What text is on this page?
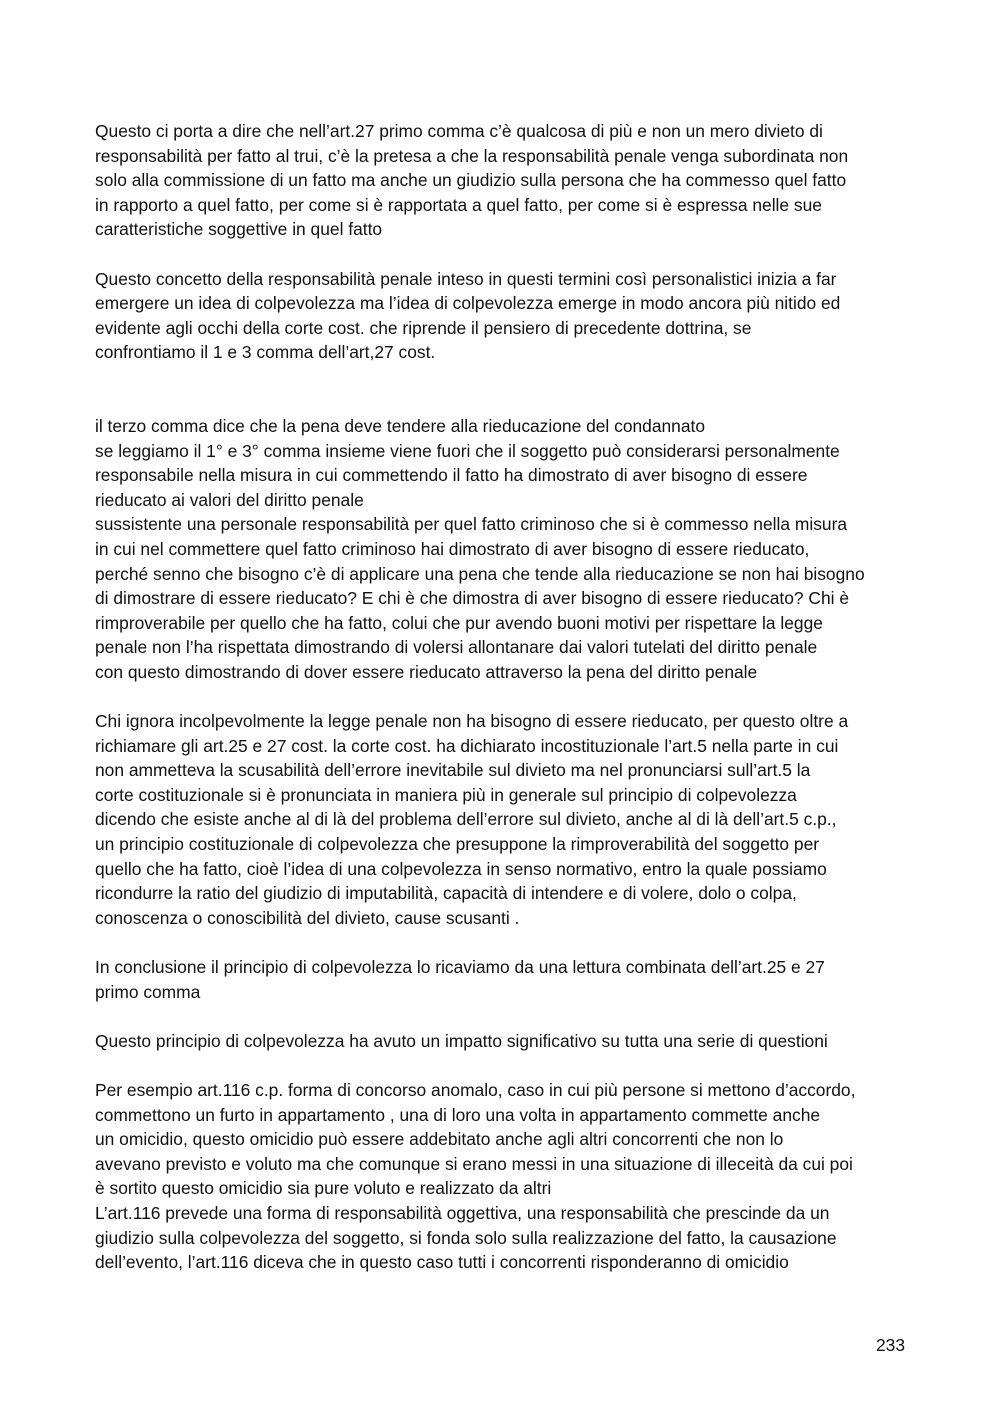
Questo ci porta a dire che nell’art.27 primo comma c’è qualcosa di più e non un mero divieto di
responsabilità per fatto al trui, c’è la pretesa a che la responsabilità penale venga subordinata non
solo alla commissione di un fatto ma anche un giudizio sulla persona che ha commesso quel fatto
in rapporto a quel fatto, per come si è rapportata a quel fatto, per come si è espressa nelle sue
caratteristiche soggettive in quel fatto

Questo concetto della responsabilità penale inteso in questi termini così personalistici inizia a far
emergere un idea di colpevolezza ma l’idea di colpevolezza emerge in modo ancora più nitido ed
evidente agli occhi della corte cost. che riprende il pensiero di precedente dottrina, se
confrontiamo il 1 e 3 comma dell’art,27 cost.

il terzo comma dice che la pena deve tendere alla rieducazione del condannato
se leggiamo il 1° e 3° comma insieme viene fuori che il soggetto può considerarsi personalmente
responsabile nella misura in cui commettendo il fatto ha dimostrato di aver bisogno di essere
rieducato ai valori del diritto penale
sussistente una personale responsabilità per quel fatto criminoso che si è commesso nella misura
in cui nel commettere quel fatto criminoso hai dimostrato di aver bisogno di essere rieducato,
perché senno che bisogno c’è di applicare una pena che tende alla rieducazione se non hai bisogno
di dimostrare di essere rieducato? E chi è che dimostra di aver bisogno di essere rieducato? Chi è
rimproverabile per quello che ha fatto, colui che pur avendo buoni motivi per rispettare la legge
penale non l’ha rispettata dimostrando di volersi allontanare dai valori tutelati del diritto penale
con questo dimostrando di dover essere rieducato attraverso la pena del diritto penale

Chi ignora incolpevolmente la legge penale non ha bisogno di essere rieducato, per questo oltre a
richiamare gli art.25 e 27 cost. la corte cost. ha dichiarato incostituzionale l’art.5 nella parte in cui
non ammetteva la scusabilità dell’errore inevitabile sul divieto ma nel pronunciarsi sull’art.5 la
corte costituzionale si è pronunciata in maniera più in generale sul principio di colpevolezza
dicendo che esiste anche al di là del problema dell’errore sul divieto, anche al di là dell’art.5 c.p.,
un principio costituzionale di colpevolezza che presuppone la rimproverabilità del soggetto per
quello che ha fatto, cioè l’idea di una colpevolezza in senso normativo, entro la quale possiamo
ricondurre la ratio del giudizio di imputabilità, capacità di intendere e di volere, dolo o colpa,
conoscenza o conoscibilità del divieto, cause scusanti .

In conclusione il principio di colpevolezza lo ricaviamo da una lettura combinata dell’art.25 e 27
primo comma

Questo principio di colpevolezza ha avuto un impatto significativo su tutta una serie di questioni

Per esempio art.116 c.p. forma di concorso anomalo, caso in cui più persone si mettono d’accordo,
commettono un furto in appartamento , una di loro una volta in appartamento commette anche
un omicidio, questo omicidio può essere addebitato anche agli altri concorrenti che non lo
avevano previsto e voluto ma che comunque si erano messi in una situazione di illeceità da cui poi
è sortito questo omicidio sia pure voluto e realizzato da altri
L’art.116 prevede una forma di responsabilità oggettiva, una responsabilità che prescinde da un
giudizio sulla colpevolezza del soggetto, si fonda solo sulla realizzazione del fatto, la causazione
dell’evento, l’art.116 diceva che in questo caso tutti i concorrenti risponderanno di omicidio

233
